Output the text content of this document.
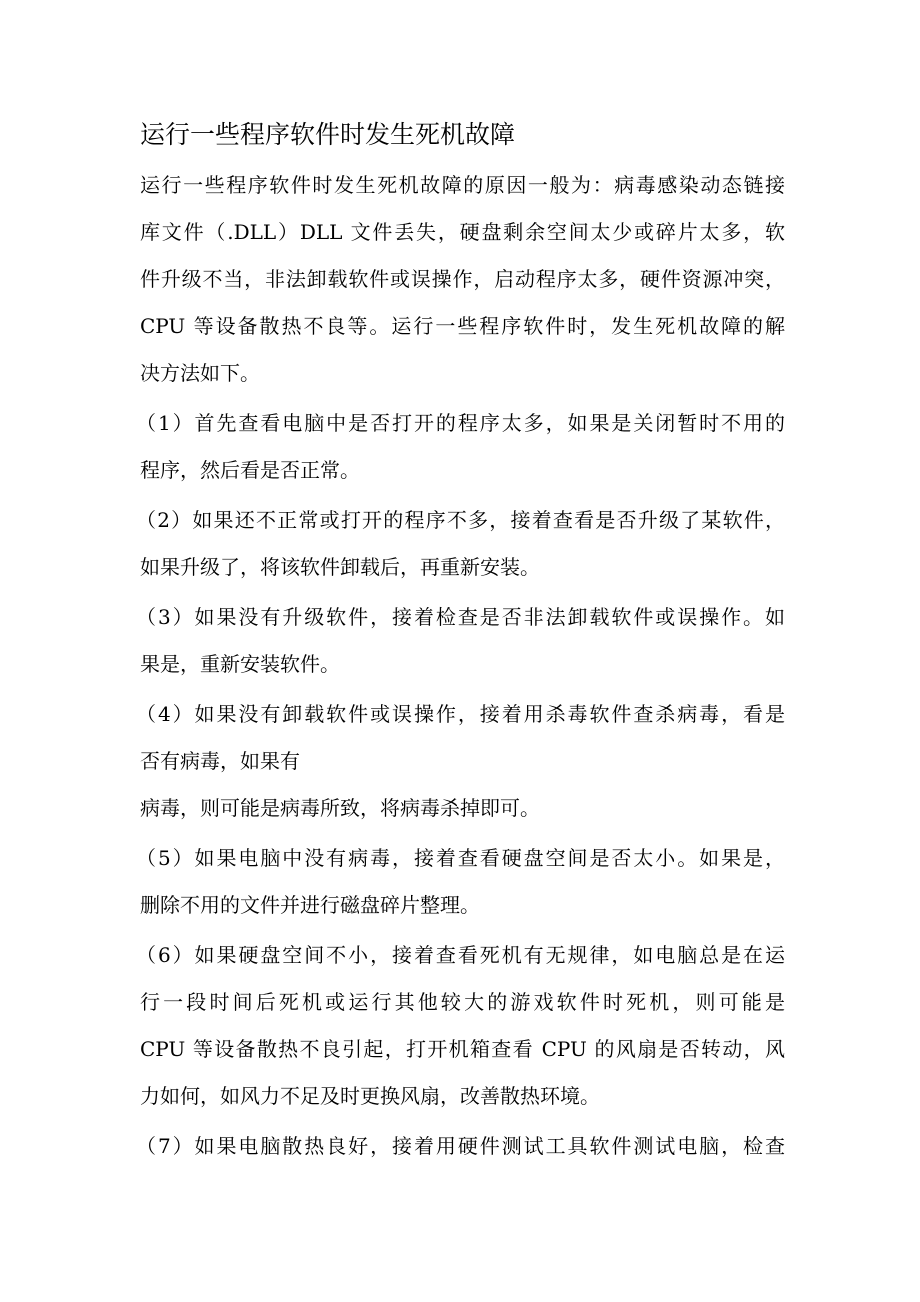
运行一些程序软件时发生死机故障
运行一些程序软件时发生死机故障的原因一般为：病毒感染动态链接
库文件（.DLL）DLL 文件丢失，硬盘剩余空间太少或碎片太多，软
件升级不当，非法卸载软件或误操作，启动程序太多，硬件资源冲突，
CPU 等设备散热不良等。运行一些程序软件时，发生死机故障的解
决方法如下。
（1）首先查看电脑中是否打开的程序太多，如果是关闭暂时不用的
程序，然后看是否正常。
（2）如果还不正常或打开的程序不多，接着查看是否升级了某软件，
如果升级了，将该软件卸载后，再重新安装。
（3）如果没有升级软件，接着检查是否非法卸载软件或误操作。如
果是，重新安装软件。
（4）如果没有卸载软件或误操作，接着用杀毒软件查杀病毒，看是
否有病毒，如果有
病毒，则可能是病毒所致，将病毒杀掉即可。
（5）如果电脑中没有病毒，接着查看硬盘空间是否太小。如果是，
删除不用的文件并进行磁盘碎片整理。
（6）如果硬盘空间不小，接着查看死机有无规律，如电脑总是在运
行一段时间后死机或运行其他较大的游戏软件时死机，则可能是
CPU 等设备散热不良引起，打开机箱查看 CPU 的风扇是否转动，风
力如何，如风力不足及时更换风扇，改善散热环境。
（7）如果电脑散热良好，接着用硬件测试工具软件测试电脑，检查
